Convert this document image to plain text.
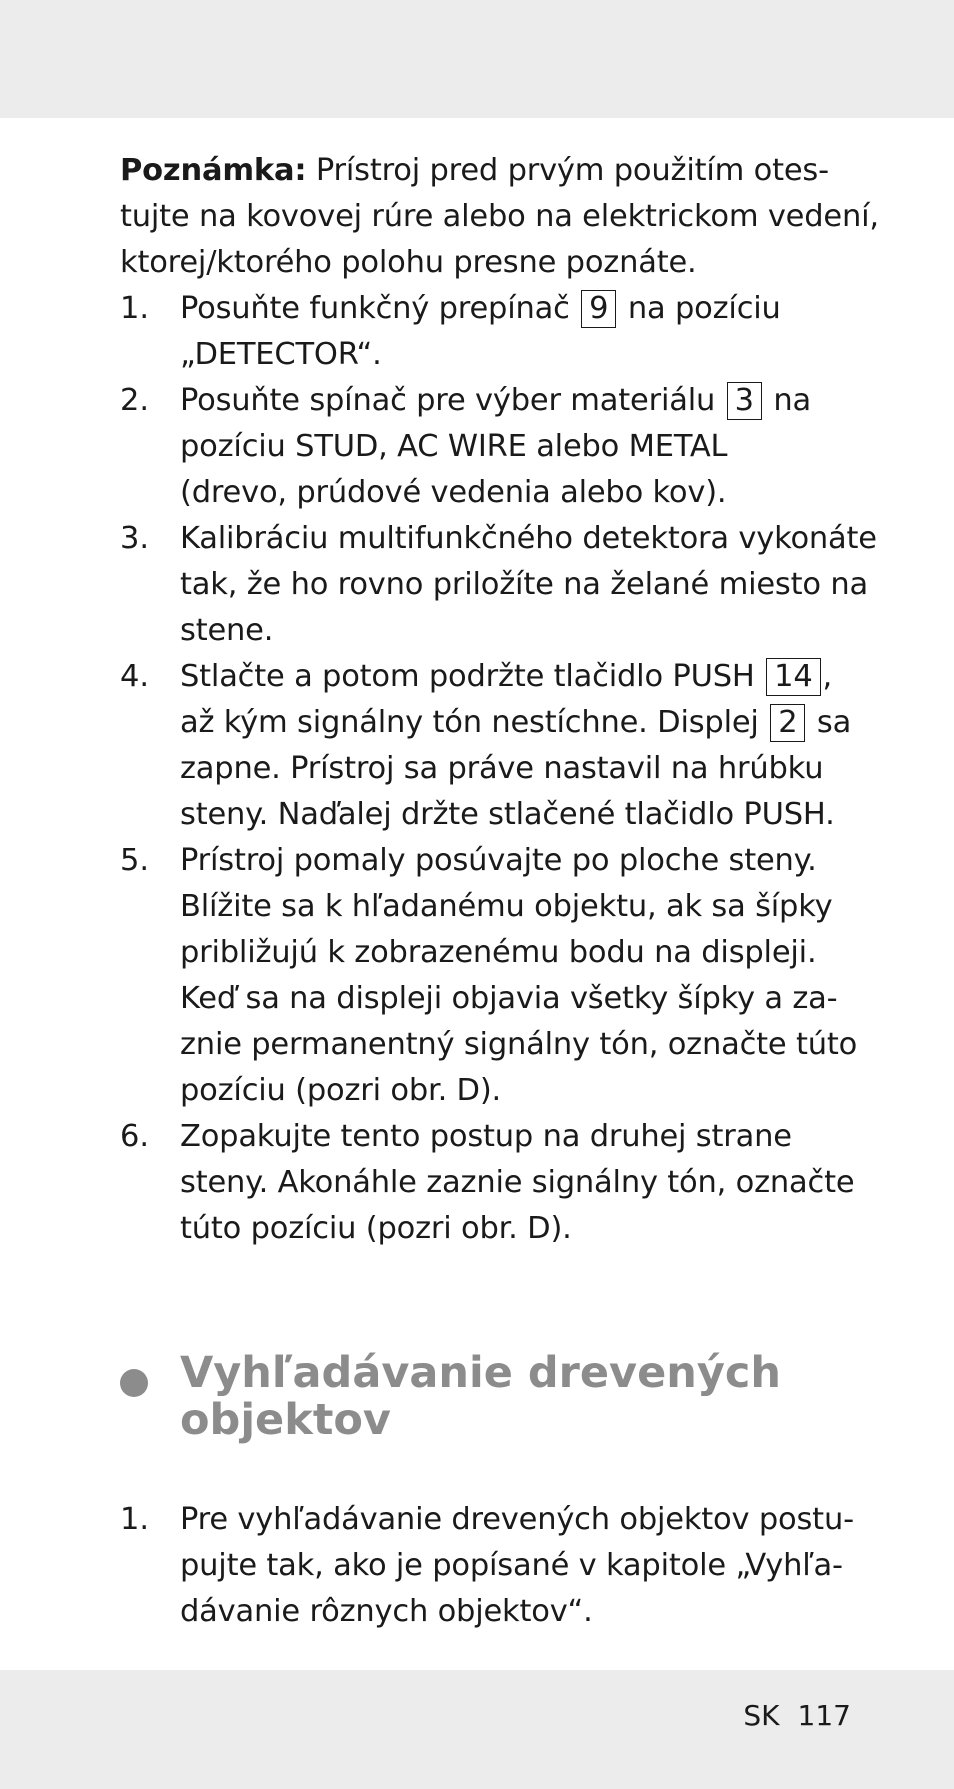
Poznámka: Prístroj pred prvým použitím otes-
tujte na kovovej rúre alebo na elektrickom vedení,
ktorej/ktorého polohu presne poznáte.
1. Posuňte funkčný prepínač 9 na pozíciu
„DETECTOR“.
2. Posuňte spínač pre výber materiálu 3 na
pozíciu STUD, AC WIRE alebo METAL
(drevo, prúdové vedenia alebo kov).
3. Kalibráciu multifunkčného detektora vykonáte
tak, že ho rovno priložíte na želané miesto na
stene.
4. Stlačte a potom podržte tlačidlo PUSH 14 ,
až kým signálny tón nestíchne. Displej 2 sa
zapne. Prístroj sa práve nastavil na hrúbku
steny. Naďalej držte stlačené tlačidlo PUSH.
5. Prístroj pomaly posúvajte po ploche steny.
Blížite sa k hľadanému objektu, ak sa šípky
približujú k zobrazenému bodu na displeji.
Keď sa na displeji objavia všetky šípky a za-
znie permanentný signálny tón, označte túto
pozíciu (pozri obr. D).
6. Zopakujte tento postup na druhej strane
steny. Akonáhle zaznie signálny tón, označte
túto pozíciu (pozri obr. D).
Vyhľadávanie drevených
objektov
1. Pre vyhľadávanie drevených objektov postu-
pujte tak, ako je popísané v kapitole „Vyhľa-
dávanie rôznych objektov“.
SK 117
